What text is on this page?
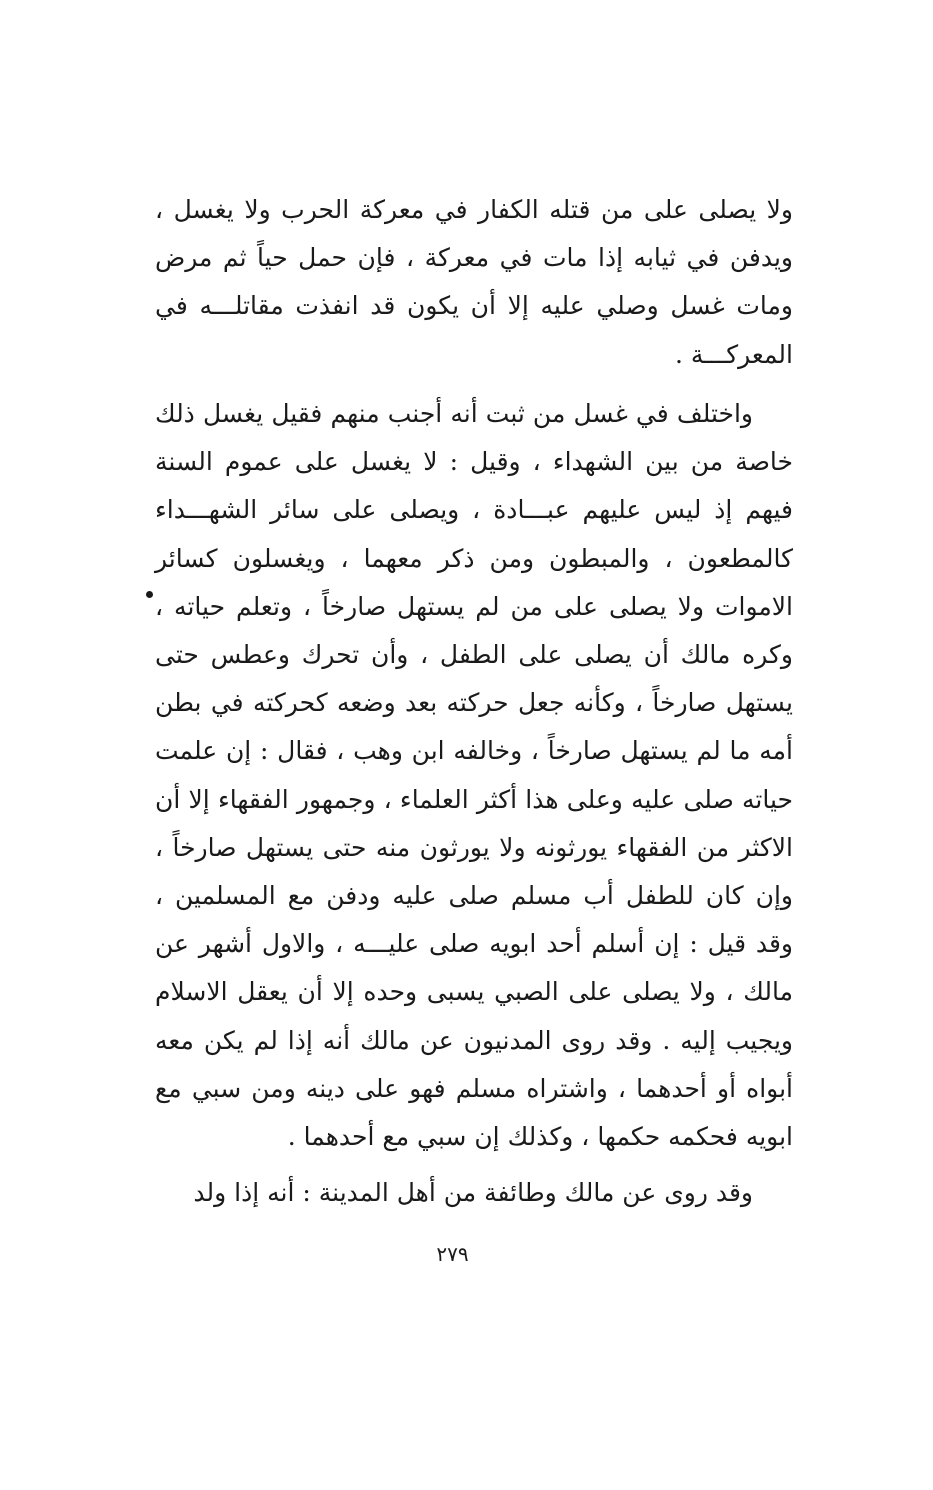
ولا يصلى على من قتله الكفار في معركة الحرب ولا يغسل ، ويدفن في ثيابه إذا مات في معركة ، فإن حمل حياً ثم مرض ومات غسل وصلي عليه إلا أن يكون قد انفذت مقاتلـــه في المعركـــة .

واختلف في غسل من ثبت أنه أجنب منهم فقيل يغسل ذلك خاصة من بين الشهداء ، وقيل : لا يغسل على عموم السنة فيهم إذ ليس عليهم عبـــادة ، ويصلى على سائر الشهـــداء كالمطعون ، والمبطون ومن ذكر معهما ، ويغسلون كسائر الاموات ولا يصلى على من لم يستهل صارخاً ، وتعلم حياته ، وكره مالك أن يصلى على الطفل ، وأن تحرك وعطس حتى يستهل صارخاً ، وكأنه جعل حركته بعد وضعه كحركته في بطن أمه ما لم يستهل صارخاً ، وخالفه ابن وهب ، فقال : إن علمت حياته صلى عليه وعلى هذا أكثر العلماء ، وجمهور الفقهاء إلا أن الاكثر من الفقهاء يورثونه ولا يورثون منه حتى يستهل صارخاً ، وإن كان للطفل أب مسلم صلى عليه ودفن مع المسلمين ، وقد قيل : إن أسلم أحد ابويه صلى عليـــه ، والاول أشهر عن مالك ، ولا يصلى على الصبي يسبى وحده إلا أن يعقل الاسلام ويجيب إليه . وقد روى المدنيون عن مالك أنه إذا لم يكن معه أبواه أو أحدهما ، واشتراه مسلم فهو على دينه ومن سبي مع ابويه فحكمه حكمها ، وكذلك إن سبي مع أحدهما .

وقد روى عن مالك وطائفة من أهل المدينة : أنه إذا ولد

٢٧٩
